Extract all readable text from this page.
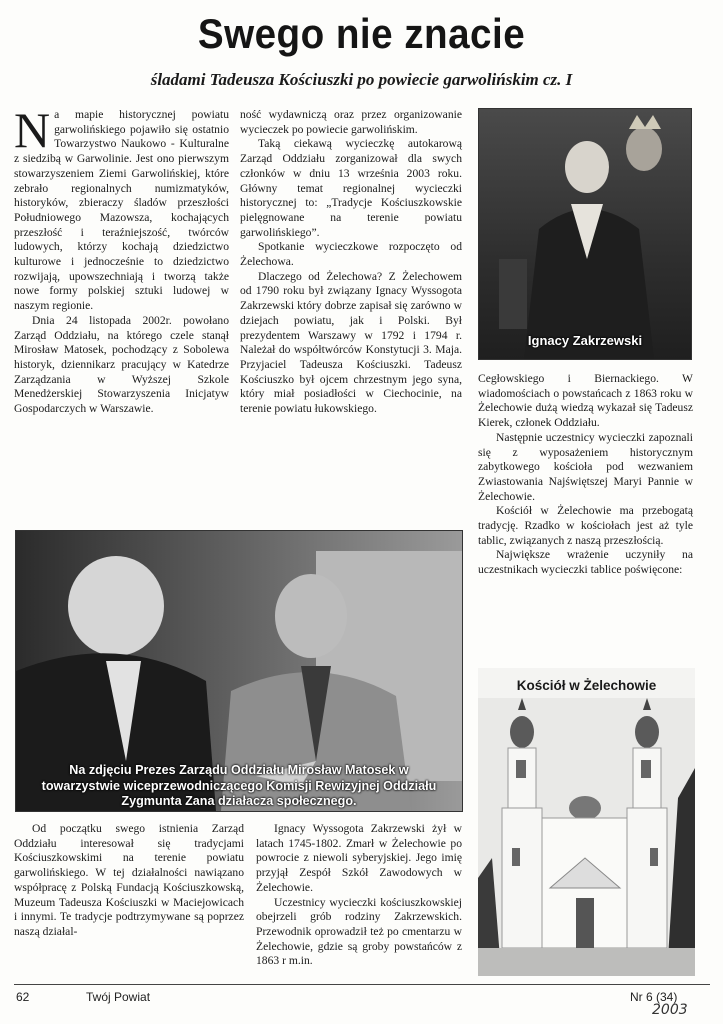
Swego nie znacie
śladami Tadeusza Kościuszki po powiecie garwolińskim cz. I

Na mapie historycznej powiatu garwolińskiego pojawiło się ostatnio Towarzystwo Naukowo - Kulturalne z siedzibą w Garwolinie. Jest ono pierwszym stowarzyszeniem Ziemi Garwolińskiej, które zebrało regionalnych numizmatyków, historyków, zbieraczy śladów przeszłości Południowego Mazowsza, kochających przeszłość i teraźniejszość, twórców ludowych, którzy kochają dziedzictwo kulturowe i jednocześnie to dziedzictwo rozwijają, upowszechniają i tworzą także nowe formy polskiej sztuki ludowej w naszym regionie.

Dnia 24 listopada 2002r. powołano Zarząd Oddziału, na którego czele stanął Mirosław Matosek, pochodzący z Sobolewa historyk, dziennikarz pracujący w Katedrze Zarządzania w Wyższej Szkole Menedżerskiej Stowarzyszenia Inicjatyw Gospodarczych w Warszawie.

ność wydawniczą oraz przez organizowanie wycieczek po powiecie garwolińskim.

Taką ciekawą wycieczkę autokarową Zarząd Oddziału zorganizował dla swych członków w dniu 13 września 2003 roku. Główny temat regionalnej wycieczki historycznej to: „Tradycje Kościuszkowskie pielęgnowane na terenie powiatu garwolińskiego”.

Spotkanie wycieczkowe rozpoczęto od Żelechowa.

Dlaczego od Żelechowa? Z Żelechowem od 1790 roku był związany Ignacy Wyssogota Zakrzewski który dobrze zapisał się zarówno w dziejach powiatu, jak i Polski. Był prezydentem Warszawy w 1792 i 1794 r. Należał do współtwórców Konstytucji 3. Maja. Przyjaciel Tadeusza Kościuszki. Tadeusz Kościuszko był ojcem chrzestnym jego syna, który miał posiadłości w Ciechocinie, na terenie powiatu łukowskiego.

Ignacy Zakrzewski

Cegłowskiego i Biernackiego. W wiadomościach o powstańcach z 1863 roku w Żelechowie dużą wiedzą wykazał się Tadeusz Kierek, członek Oddziału.

Następnie uczestnicy wycieczki zapoznali się z wyposażeniem historycznym zabytkowego kościoła pod wezwaniem Zwiastowania Najświętszej Maryi Pannie w Żelechowie.

Kościół w Żelechowie ma przebogatą tradycję. Rzadko w kościołach jest aż tyle tablic, związanych z naszą przeszłością.

Największe wrażenie uczyniły na uczestnikach wycieczki tablice poświęcone:

Kościół w Żelechowie
Na zdjęciu Prezes Zarządu Oddziału Mirosław Matosek w towarzystwie wiceprzewodniczącego Komisji Rewizyjnej Oddziału Zygmunta Zana działacza społecznego.

Od początku swego istnienia Zarząd Oddziału interesował się tradycjami Kościuszkowskimi na terenie powiatu garwolińskiego. W tej działalności nawiązano współpracę z Polską Fundacją Kościuszkowską, Muzeum Tadeusza Kościuszki w Maciejowicach i innymi. Te tradycje podtrzymywane są poprzez naszą działal-

Ignacy Wyssogota Zakrzewski żył w latach 1745-1802. Zmarł w Żelechowie po powrocie z niewoli syberyjskiej. Jego imię przyjął Zespół Szkół Zawodowych w Żelechowie.

Uczestnicy wycieczki kościuszkowskiej obejrzeli grób rodziny Zakrzewskich. Przewodnik oprowadził też po cmentarzu w Żelechowie, gdzie są groby powstańców z 1863 r m.in.

62	Twój Powiat	Nr 6 (34)
2003
